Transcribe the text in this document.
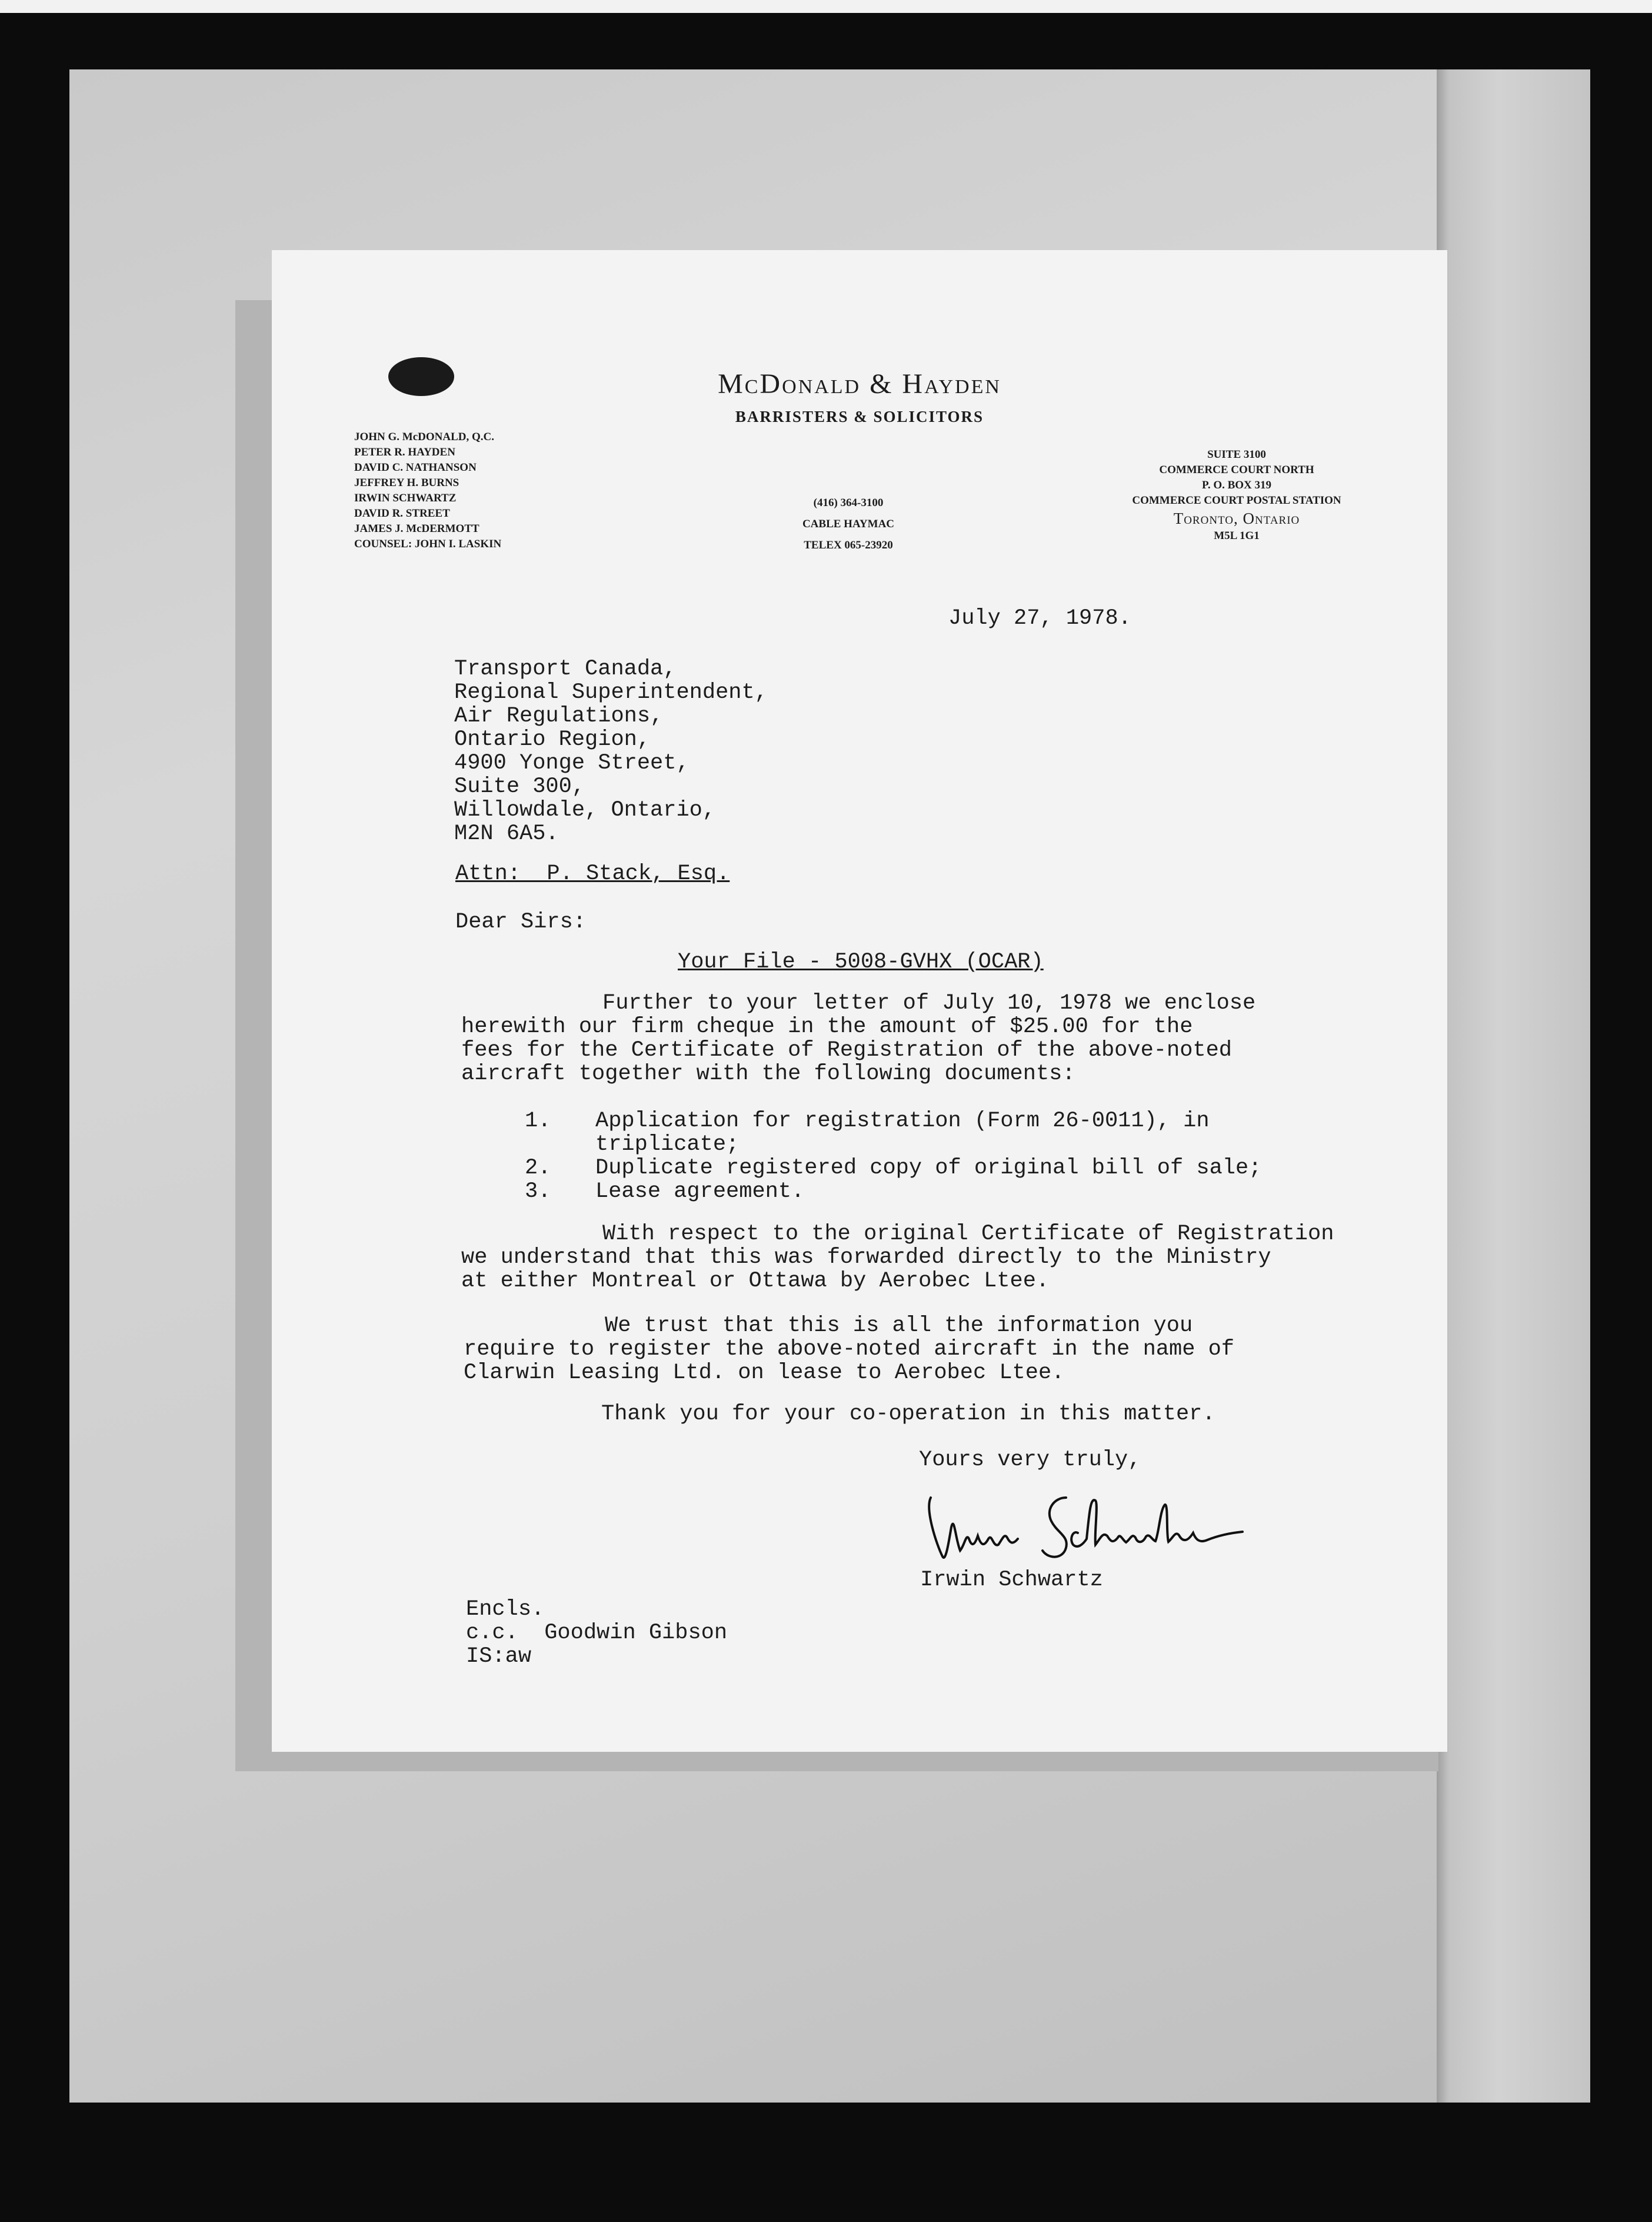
McDonald & Hayden
BARRISTERS & SOLICITORS
JOHN G. McDONALD, Q.C.
PETER R. HAYDEN
DAVID C. NATHANSON
JEFFREY H. BURNS
IRWIN SCHWARTZ
DAVID R. STREET
JAMES J. McDERMOTT
COUNSEL: JOHN I. LASKIN
(416) 364-3100
CABLE HAYMAC
TELEX 065-23920
SUITE 3100
COMMERCE COURT NORTH
P. O. BOX 319
COMMERCE COURT POSTAL STATION
Toronto, Ontario
M5L 1G1
July 27, 1978.
Transport Canada,
Regional Superintendent,
Air Regulations,
Ontario Region,
4900 Yonge Street,
Suite 300,
Willowdale, Ontario,
M2N 6A5.
Attn:  P. Stack, Esq.
Dear Sirs:
Your File - 5008-GVHX (OCAR)
Further to your letter of July 10, 1978 we enclose
herewith our firm cheque in the amount of $25.00 for the
fees for the Certificate of Registration of the above-noted
aircraft together with the following documents:
1. Application for registration (Form 26-0011), in
triplicate;
2. Duplicate registered copy of original bill of sale;
3. Lease agreement.
With respect to the original Certificate of Registration
we understand that this was forwarded directly to the Ministry
at either Montreal or Ottawa by Aerobec Ltee.
We trust that this is all the information you
require to register the above-noted aircraft in the name of
Clarwin Leasing Ltd. on lease to Aerobec Ltee.
Thank you for your co-operation in this matter.
Yours very truly,
Irwin Schwartz
Encls.
c.c.  Goodwin Gibson
IS:aw
